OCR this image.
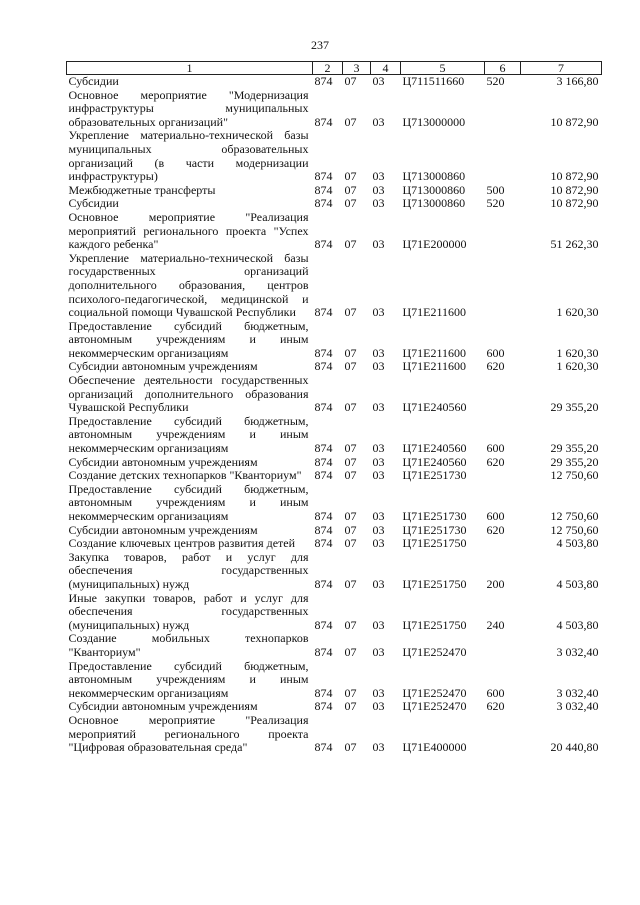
237
1	2	3	4	5	6	7
Субсидии	874	07	03	Ц711511660	520	3 166,80
Основное мероприятие "Модернизация инфраструктуры муниципальных образовательных организаций"	874	07	03	Ц713000000		10 872,90
Укрепление материально-технической базы муниципальных образовательных организаций (в части модернизации инфраструктуры)	874	07	03	Ц713000860		10 872,90
Межбюджетные трансферты	874	07	03	Ц713000860	500	10 872,90
Субсидии	874	07	03	Ц713000860	520	10 872,90
Основное мероприятие "Реализация мероприятий регионального проекта "Успех каждого ребенка"	874	07	03	Ц71Е200000		51 262,30
Укрепление материально-технической базы государственных организаций дополнительного образования, центров психолого-педагогической, медицинской и социальной помощи Чувашской Республики	874	07	03	Ц71Е211600		1 620,30
Предоставление субсидий бюджетным, автономным учреждениям и иным некоммерческим организациям	874	07	03	Ц71Е211600	600	1 620,30
Субсидии автономным учреждениям	874	07	03	Ц71Е211600	620	1 620,30
Обеспечение деятельности государственных организаций дополнительного образования Чувашской Республики	874	07	03	Ц71Е240560		29 355,20
Предоставление субсидий бюджетным, автономным учреждениям и иным некоммерческим организациям	874	07	03	Ц71Е240560	600	29 355,20
Субсидии автономным учреждениям	874	07	03	Ц71Е240560	620	29 355,20
Создание детских технопарков "Кванториум"	874	07	03	Ц71Е251730		12 750,60
Предоставление субсидий бюджетным, автономным учреждениям и иным некоммерческим организациям	874	07	03	Ц71Е251730	600	12 750,60
Субсидии автономным учреждениям	874	07	03	Ц71Е251730	620	12 750,60
Создание ключевых центров развития детей	874	07	03	Ц71Е251750		4 503,80
Закупка товаров, работ и услуг для обеспечения государственных (муниципальных) нужд	874	07	03	Ц71Е251750	200	4 503,80
Иные закупки товаров, работ и услуг для обеспечения государственных (муниципальных) нужд	874	07	03	Ц71Е251750	240	4 503,80
Создание мобильных технопарков "Кванториум"	874	07	03	Ц71Е252470		3 032,40
Предоставление субсидий бюджетным, автономным учреждениям и иным некоммерческим организациям	874	07	03	Ц71Е252470	600	3 032,40
Субсидии автономным учреждениям	874	07	03	Ц71Е252470	620	3 032,40
Основное мероприятие "Реализация мероприятий регионального проекта "Цифровая образовательная среда"	874	07	03	Ц71Е400000		20 440,80
